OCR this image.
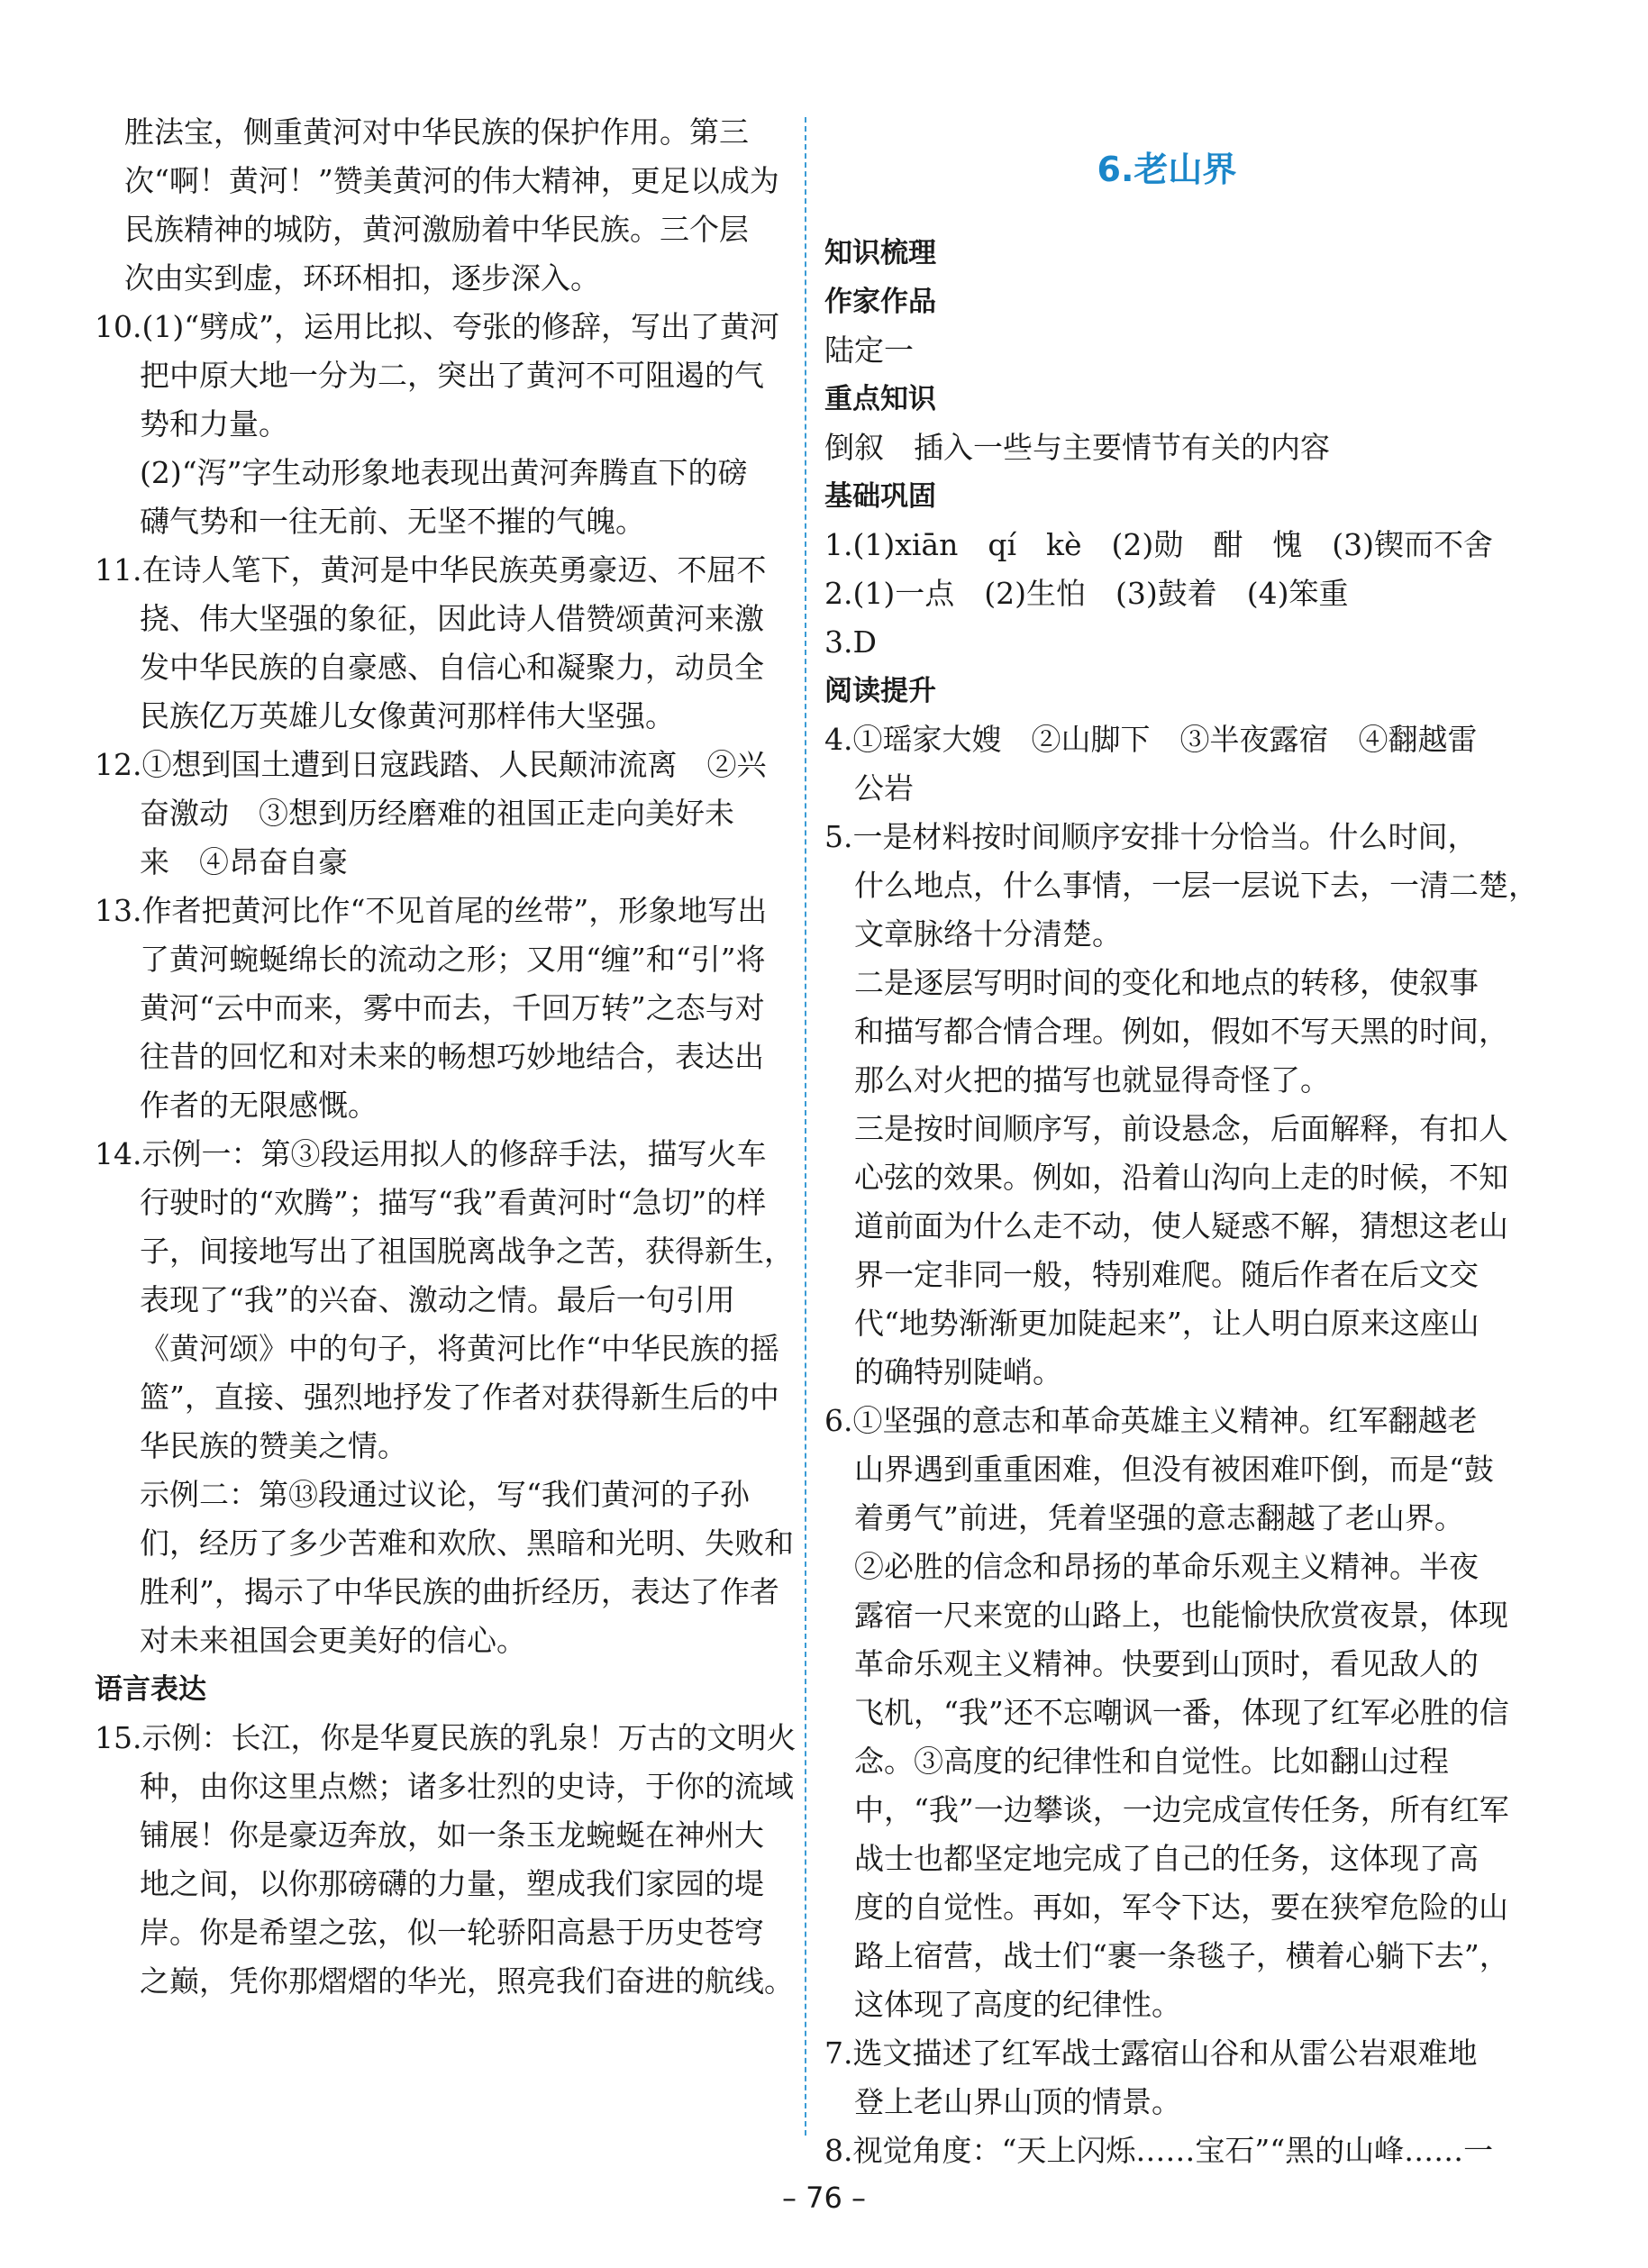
胜法宝，侧重黄河对中华民族的保护作用。第三
次“啊！黄河！”赞美黄河的伟大精神，更足以成为
民族精神的城防，黄河激励着中华民族。三个层
次由实到虚，环环相扣，逐步深入。
10.(1)“劈成”，运用比拟、夸张的修辞，写出了黄河
把中原大地一分为二，突出了黄河不可阻遏的气
势和力量。
(2)“泻”字生动形象地表现出黄河奔腾直下的磅
礴气势和一往无前、无坚不摧的气魄。
11.在诗人笔下，黄河是中华民族英勇豪迈、不屈不
挠、伟大坚强的象征，因此诗人借赞颂黄河来激
发中华民族的自豪感、自信心和凝聚力，动员全
民族亿万英雄儿女像黄河那样伟大坚强。
12.①想到国土遭到日寇践踏、人民颠沛流离　②兴
奋激动　③想到历经磨难的祖国正走向美好未
来　④昂奋自豪
13.作者把黄河比作“不见首尾的丝带”，形象地写出
了黄河蜿蜒绵长的流动之形；又用“缠”和“引”将
黄河“云中而来，雾中而去，千回万转”之态与对
往昔的回忆和对未来的畅想巧妙地结合，表达出
作者的无限感慨。
14.示例一：第③段运用拟人的修辞手法，描写火车
行驶时的“欢腾”；描写“我”看黄河时“急切”的样
子，间接地写出了祖国脱离战争之苦，获得新生，
表现了“我”的兴奋、激动之情。最后一句引用
《黄河颂》中的句子，将黄河比作“中华民族的摇
篮”，直接、强烈地抒发了作者对获得新生后的中
华民族的赞美之情。
示例二：第⑬段通过议论，写“我们黄河的子孙
们，经历了多少苦难和欢欣、黑暗和光明、失败和
胜利”，揭示了中华民族的曲折经历，表达了作者
对未来祖国会更美好的信心。
语言表达
15.示例：长江，你是华夏民族的乳泉！万古的文明火
种，由你这里点燃；诸多壮烈的史诗，于你的流域
铺展！你是豪迈奔放，如一条玉龙蜿蜒在神州大
地之间，以你那磅礴的力量，塑成我们家园的堤
岸。你是希望之弦，似一轮骄阳高悬于历史苍穹
之巅，凭你那熠熠的华光，照亮我们奋进的航线。
6.老山界
知识梳理
作家作品
陆定一
重点知识
倒叙　插入一些与主要情节有关的内容
基础巩固
1.(1)xiān　qí　kè　(2)勋　酣　愧　(3)锲而不舍
2.(1)一点　(2)生怕　(3)鼓着　(4)笨重
3.D
阅读提升
4.①瑶家大嫂　②山脚下　③半夜露宿　④翻越雷
公岩
5.一是材料按时间顺序安排十分恰当。什么时间，
什么地点，什么事情，一层一层说下去，一清二楚，
文章脉络十分清楚。
二是逐层写明时间的变化和地点的转移，使叙事
和描写都合情合理。例如，假如不写天黑的时间，
那么对火把的描写也就显得奇怪了。
三是按时间顺序写，前设悬念，后面解释，有扣人
心弦的效果。例如，沿着山沟向上走的时候，不知
道前面为什么走不动，使人疑惑不解，猜想这老山
界一定非同一般，特别难爬。随后作者在后文交
代“地势渐渐更加陡起来”，让人明白原来这座山
的确特别陡峭。
6.①坚强的意志和革命英雄主义精神。红军翻越老
山界遇到重重困难，但没有被困难吓倒，而是“鼓
着勇气”前进，凭着坚强的意志翻越了老山界。
②必胜的信念和昂扬的革命乐观主义精神。半夜
露宿一尺来宽的山路上，也能愉快欣赏夜景，体现
革命乐观主义精神。快要到山顶时，看见敌人的
飞机，“我”还不忘嘲讽一番，体现了红军必胜的信
念。③高度的纪律性和自觉性。比如翻山过程
中，“我”一边攀谈，一边完成宣传任务，所有红军
战士也都坚定地完成了自己的任务，这体现了高
度的自觉性。再如，军令下达，要在狭窄危险的山
路上宿营，战士们“裹一条毯子，横着心躺下去”，
这体现了高度的纪律性。
7.选文描述了红军战士露宿山谷和从雷公岩艰难地
登上老山界山顶的情景。
8.视觉角度：“天上闪烁……宝石”“黑的山峰……一
– 76 –
